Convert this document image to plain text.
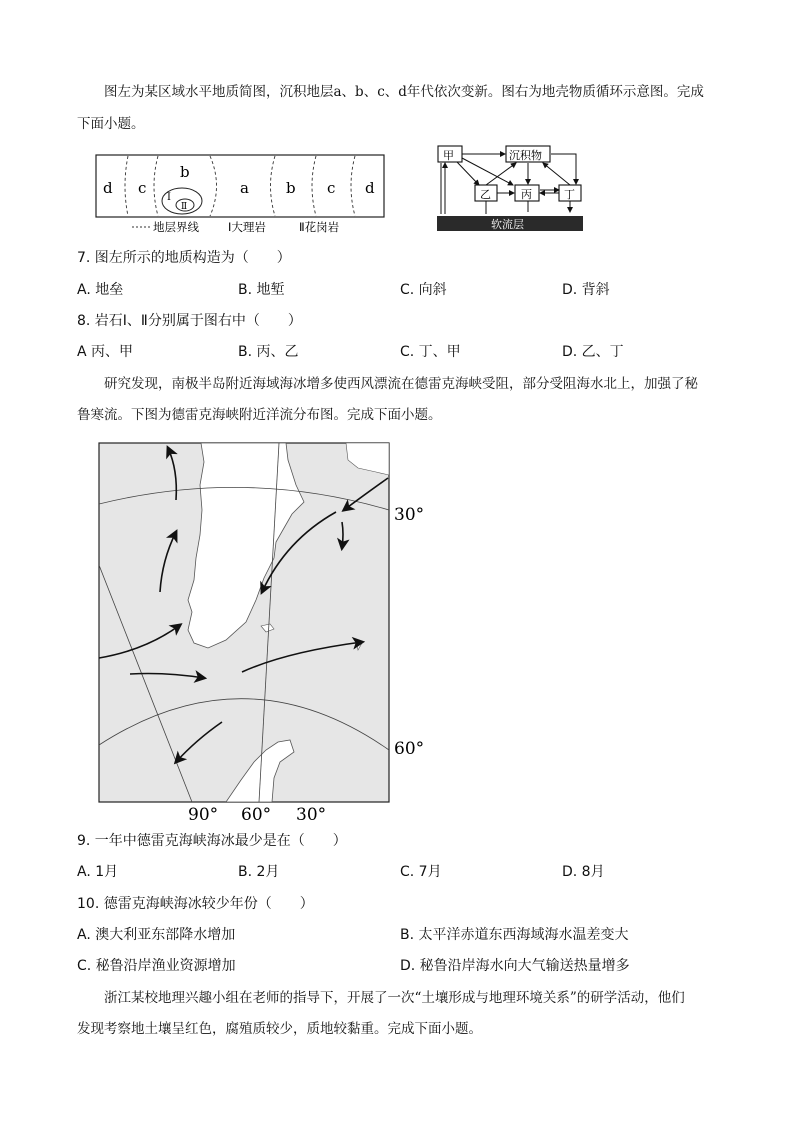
图左为某区域水平地质简图，沉积地层a、b、c、d年代依次变新。图右为地壳物质循环示意图。完成
下面小题。
d c
b
a b c d
Ⅰ
Ⅱ
地层界线	Ⅰ大理岩	Ⅱ花岗岩
甲	沉积物
乙	丙	丁
软流层
7. 图左所示的地质构造为（　　）
A. 地垒	B. 地堑	C. 向斜	D. 背斜
8. 岩石Ⅰ、Ⅱ分别属于图右中（　　）
A 丙、甲	B. 丙、乙	C. 丁、甲	D. 乙、丁
研究发现，南极半岛附近海域海冰增多使西风漂流在德雷克海峡受阻，部分受阻海水北上，加强了秘
鲁寒流。下图为德雷克海峡附近洋流分布图。完成下面小题。
30°
60°
90° 60° 30°
9. 一年中德雷克海峡海冰最少是在（　　）
A. 1月	B. 2月	C. 7月	D. 8月
10. 德雷克海峡海冰较少年份（　　）
A. 澳大利亚东部降水增加	B. 太平洋赤道东西海域海水温差变大
C. 秘鲁沿岸渔业资源增加	D. 秘鲁沿岸海水向大气输送热量增多
浙江某校地理兴趣小组在老师的指导下，开展了一次“土壤形成与地理环境关系”的研学活动，他们
发现考察地土壤呈红色，腐殖质较少，质地较黏重。完成下面小题。
